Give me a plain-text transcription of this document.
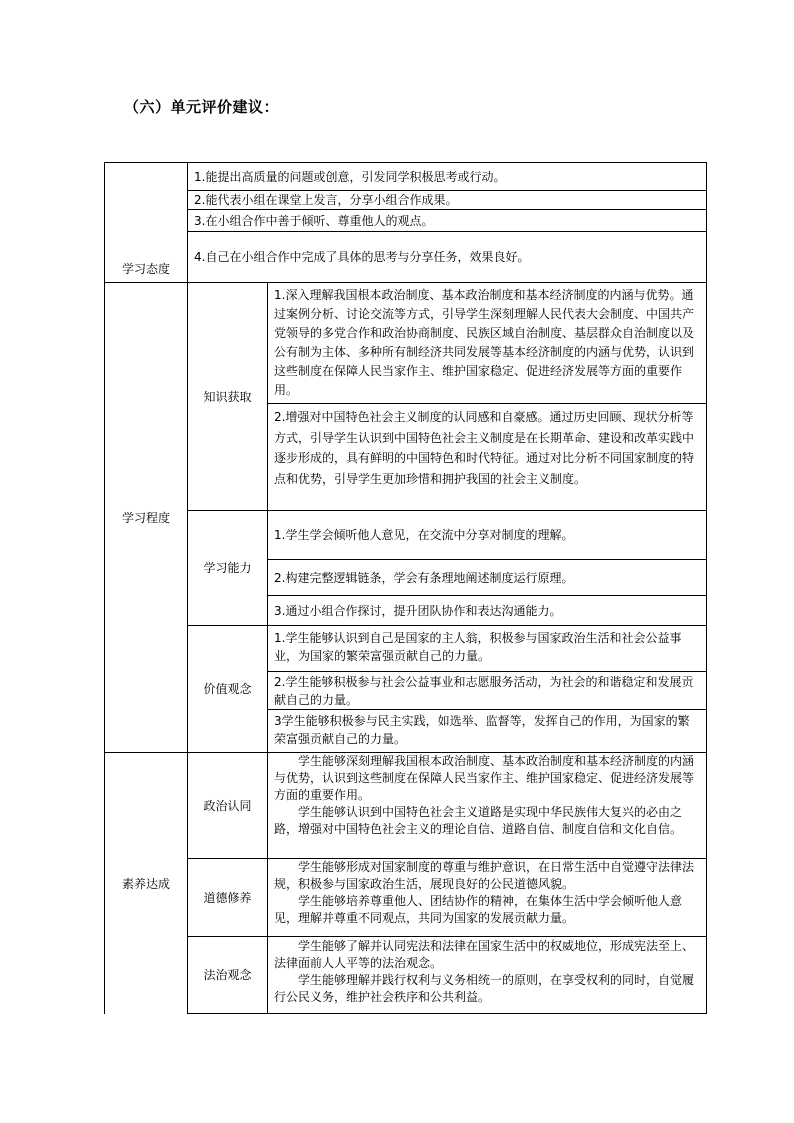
（六）单元评价建议：
学习态度
1.能提出高质量的问题或创意，引发同学积极思考或行动。
2.能代表小组在课堂上发言，分享小组合作成果。
3.在小组合作中善于倾听、尊重他人的观点。
4.自己在小组合作中完成了具体的思考与分享任务，效果良好。
学习程度
知识获取

1.深入理解我国根本政治制度、基本政治制度和基本经济制度的内涵与优势。通过案例分析、讨论交流等方式，引导学生深刻理解人民代表大会制度、中国共产党领导的多党合作和政治协商制度、民族区域自治制度、基层群众自治制度以及公有制为主体、多种所有制经济共同发展等基本经济制度的内涵与优势，认识到这些制度在保障人民当家作主、维护国家稳定、促进经济发展等方面的重要作用。

2.增强对中国特色社会主义制度的认同感和自豪感。通过历史回顾、现状分析等方式，引导学生认识到中国特色社会主义制度是在长期革命、建设和改革实践中逐步形成的，具有鲜明的中国特色和时代特征。通过对比分析不同国家制度的特点和优势，引导学生更加珍惜和拥护我国的社会主义制度。

学习能力
1.学生学会倾听他人意见，在交流中分享对制度的理解。
2.构建完整逻辑链条，学会有条理地阐述制度运行原理。
3.通过小组合作探讨，提升团队协作和表达沟通能力。
价值观念

1.学生能够认识到自己是国家的主人翁，积极参与国家政治生活和社会公益事业，为国家的繁荣富强贡献自己的力量。

2.学生能够积极参与社会公益事业和志愿服务活动，为社会的和谐稳定和发展贡献自己的力量。

3学生能够积极参与民主实践，如选举、监督等，发挥自己的作用，为国家的繁荣富强贡献自己的力量。

素养达成
政治认同

学生能够深刻理解我国根本政治制度、基本政治制度和基本经济制度的内涵与优势，认识到这些制度在保障人民当家作主、维护国家稳定、促进经济发展等方面的重要作用。

学生能够认识到中国特色社会主义道路是实现中华民族伟大复兴的必由之路，增强对中国特色社会主义的理论自信、道路自信、制度自信和文化自信。

道德修养

学生能够形成对国家制度的尊重与维护意识，在日常生活中自觉遵守法律法规，积极参与国家政治生活，展现良好的公民道德风貌。

学生能够培养尊重他人、团结协作的精神，在集体生活中学会倾听他人意见，理解并尊重不同观点，共同为国家的发展贡献力量。

法治观念

学生能够了解并认同宪法和法律在国家生活中的权威地位，形成宪法至上、法律面前人人平等的法治观念。

学生能够理解并践行权利与义务相统一的原则，在享受权利的同时，自觉履行公民义务，维护社会秩序和公共利益。
